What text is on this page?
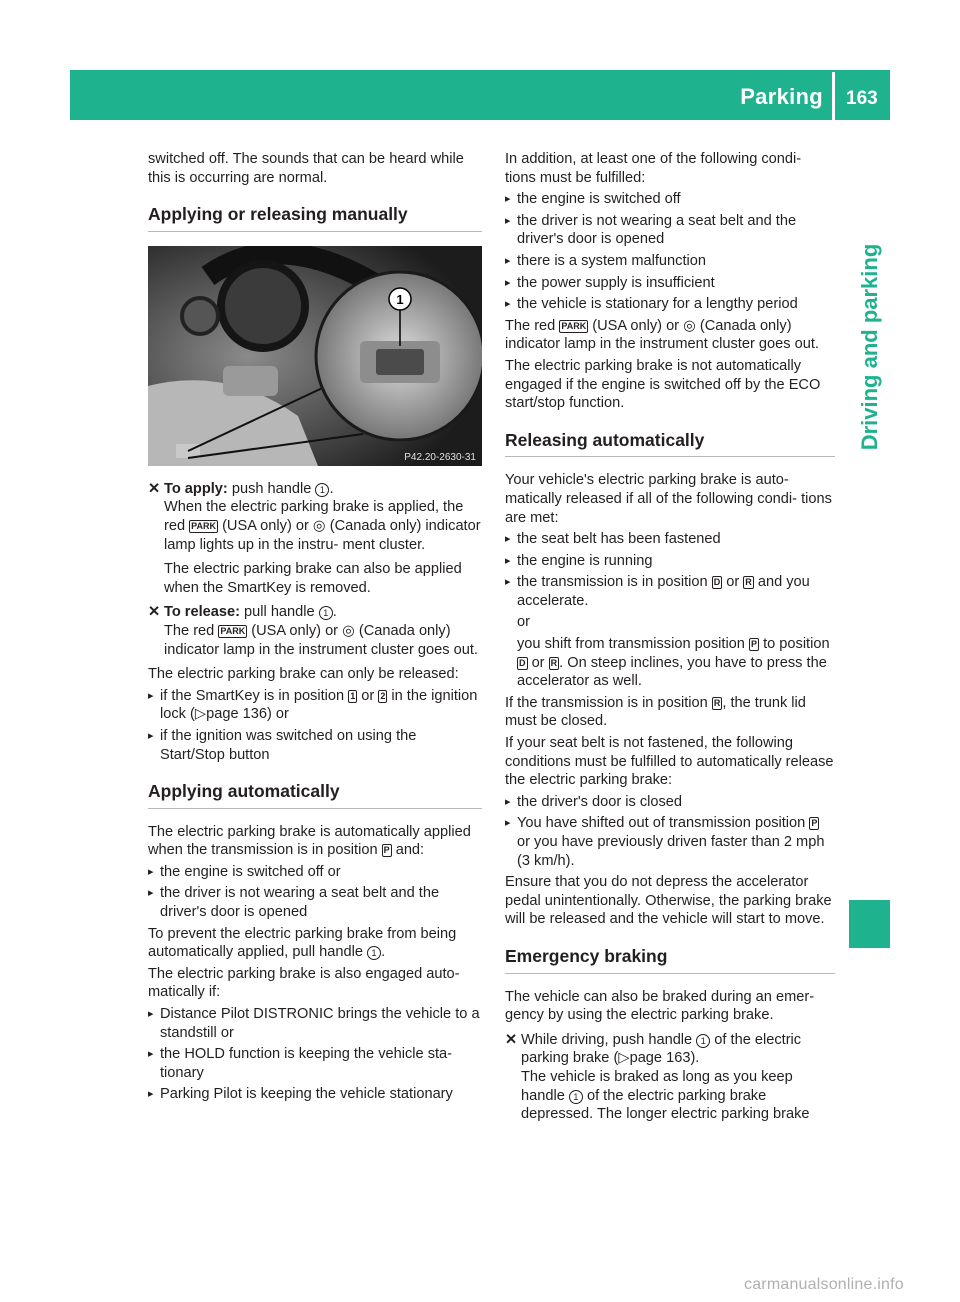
Parking 163
Driving and parking

switched off. The sounds that can be heard while this is occurring are normal.

Applying or releasing manually
1
P42.20-2630-31
✕ To apply: push handle 1 .
When the electric parking brake is applied, the red PARK (USA only) or ◎ (Canada only) indicator lamp lights up in the instru- ment cluster.
The electric parking brake can also be applied when the SmartKey is removed.
✕ To release: pull handle 1 .
The red PARK (USA only) or ◎ (Canada only) indicator lamp in the instrument cluster goes out.

The electric parking brake can only be released:

▸ if the SmartKey is in position 1 or 2 in the ignition lock (▷page 136) or
▸ if the ignition was switched on using the Start/Stop button
Applying automatically

The electric parking brake is automatically applied when the transmission is in position P and:

▸ the engine is switched off or
▸ the driver is not wearing a seat belt and the driver's door is opened

To prevent the electric parking brake from being automatically applied, pull handle 1 .

The electric parking brake is also engaged auto- matically if:

▸ Distance Pilot DISTRONIC brings the vehicle to a standstill or
▸ the HOLD function is keeping the vehicle sta- tionary
▸ Parking Pilot is keeping the vehicle stationary

In addition, at least one of the following condi- tions must be fulfilled:

▸ the engine is switched off
▸ the driver is not wearing a seat belt and the driver's door is opened
▸ there is a system malfunction
▸ the power supply is insufficient
▸ the vehicle is stationary for a lengthy period

The red PARK (USA only) or ◎ (Canada only) indicator lamp in the instrument cluster goes out.

The electric parking brake is not automatically engaged if the engine is switched off by the ECO start/stop function.

Releasing automatically

Your vehicle's electric parking brake is auto- matically released if all of the following condi- tions are met:

▸ the seat belt has been fastened
▸ the engine is running
▸ the transmission is in position D or R and you accelerate.
or
you shift from transmission position P to position D or R . On steep inclines, you have to press the accelerator as well.

If the transmission is in position R , the trunk lid must be closed.

If your seat belt is not fastened, the following conditions must be fulfilled to automatically release the electric parking brake:

▸ the driver's door is closed
▸ You have shifted out of transmission position P or you have previously driven faster than 2 mph (3 km/h).

Ensure that you do not depress the accelerator pedal unintentionally. Otherwise, the parking brake will be released and the vehicle will start to move.

Emergency braking

The vehicle can also be braked during an emer- gency by using the electric parking brake.

✕ While driving, push handle 1 of the electric parking brake (▷page 163).
The vehicle is braked as long as you keep handle 1 of the electric parking brake depressed. The longer electric parking brake
carmanualsonline.info
